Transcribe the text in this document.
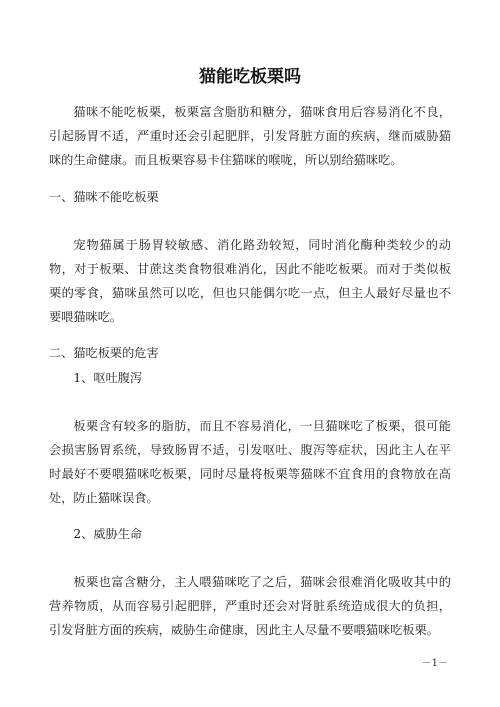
猫能吃板栗吗

猫咪不能吃板栗，板栗富含脂肪和糖分，猫咪食用后容易消化不良，引起肠胃不适，严重时还会引起肥胖，引发肾脏方面的疾病，继而威胁猫咪的生命健康。而且板栗容易卡住猫咪的喉咙，所以别给猫咪吃。

一、猫咪不能吃板栗

宠物猫属于肠胃较敏感、消化路劲较短，同时消化酶种类较少的动物，对于板栗、甘蔗这类食物很难消化，因此不能吃板栗。而对于类似板栗的零食，猫咪虽然可以吃，但也只能偶尔吃一点，但主人最好尽量也不要喂猫咪吃。

二、猫吃板栗的危害

1、呕吐腹泻

板栗含有较多的脂肪，而且不容易消化，一旦猫咪吃了板栗，很可能会损害肠胃系统，导致肠胃不适，引发呕吐、腹泻等症状，因此主人在平时最好不要喂猫咪吃板栗，同时尽量将板栗等猫咪不宜食用的食物放在高处，防止猫咪误食。

2、威胁生命

板栗也富含糖分，主人喂猫咪吃了之后，猫咪会很难消化吸收其中的营养物质，从而容易引起肥胖，严重时还会对肾脏系统造成很大的负担，引发肾脏方面的疾病，威胁生命健康，因此主人尽量不要喂猫咪吃板栗。

－1－
